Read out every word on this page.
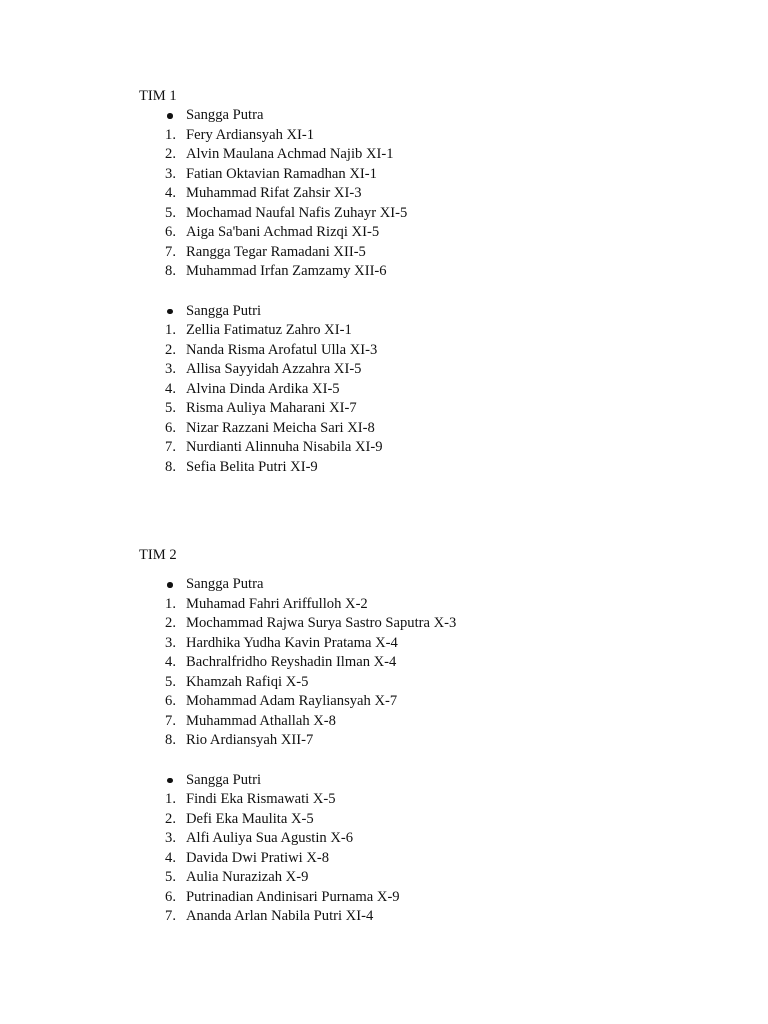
TIM 1
Sangga Putra
1. Fery Ardiansyah XI-1
2. Alvin Maulana Achmad Najib XI-1
3. Fatian Oktavian Ramadhan XI-1
4. Muhammad Rifat Zahsir XI-3
5. Mochamad Naufal Nafis Zuhayr XI-5
6. Aiga Sa'bani Achmad Rizqi XI-5
7. Rangga Tegar Ramadani XII-5
8. Muhammad Irfan Zamzamy XII-6
Sangga Putri
1. Zellia Fatimatuz Zahro XI-1
2. Nanda Risma Arofatul Ulla XI-3
3. Allisa Sayyidah Azzahra XI-5
4. Alvina Dinda Ardika XI-5
5. Risma Auliya Maharani XI-7
6. Nizar Razzani Meicha Sari XI-8
7. Nurdianti Alinnuha Nisabila XI-9
8. Sefia Belita Putri XI-9
TIM 2
Sangga Putra
1. Muhamad Fahri Ariffulloh X-2
2. Mochammad Rajwa Surya Sastro Saputra X-3
3. Hardhika Yudha Kavin Pratama X-4
4. Bachralfridho Reyshadin Ilman X-4
5. Khamzah Rafiqi X-5
6. Mohammad Adam Rayliansyah X-7
7. Muhammad Athallah X-8
8. Rio Ardiansyah XII-7
Sangga Putri
1. Findi Eka Rismawati X-5
2. Defi Eka Maulita X-5
3. Alfi Auliya Sua Agustin X-6
4. Davida Dwi Pratiwi X-8
5. Aulia Nurazizah X-9
6. Putrinadian Andinisari Purnama X-9
7. Ananda Arlan Nabila Putri XI-4
